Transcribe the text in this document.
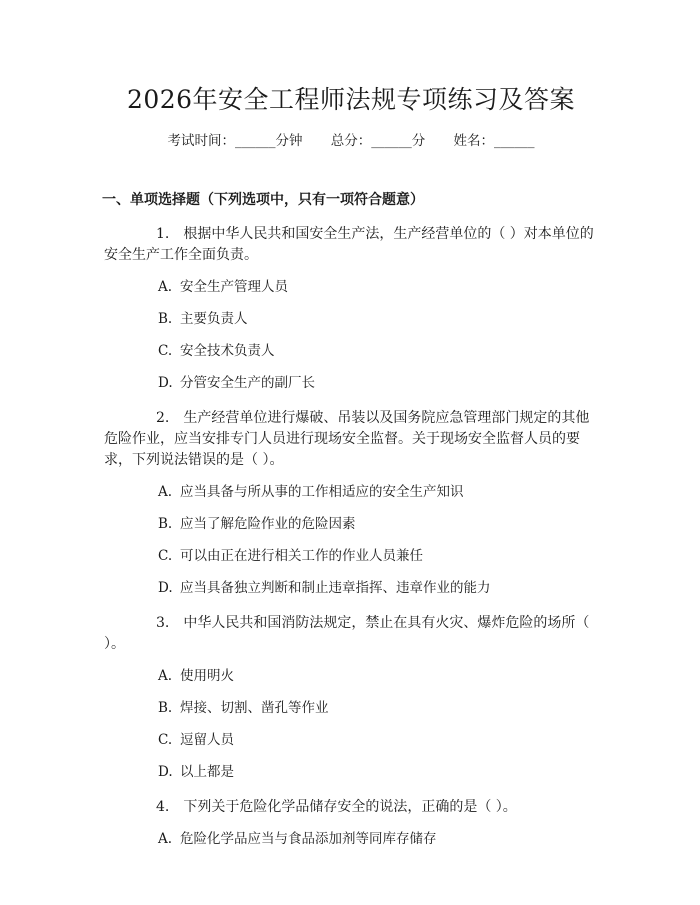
2026年安全工程师法规专项练习及答案
考试时间：______分钟 总分：______分 姓名：______
一、单项选择题（下列选项中，只有一项符合题意）
1. 根据中华人民共和国安全生产法，生产经营单位的（ ）对本单位的安全生产工作全面负责。
A. 安全生产管理人员
B. 主要负责人
C. 安全技术负责人
D. 分管安全生产的副厂长
2. 生产经营单位进行爆破、吊装以及国务院应急管理部门规定的其他危险作业，应当安排专门人员进行现场安全监督。关于现场安全监督人员的要求，下列说法错误的是（ ）。
A. 应当具备与所从事的工作相适应的安全生产知识
B. 应当了解危险作业的危险因素
C. 可以由正在进行相关工作的作业人员兼任
D. 应当具备独立判断和制止违章指挥、违章作业的能力
3. 中华人民共和国消防法规定，禁止在具有火灾、爆炸危险的场所（ ）。
A. 使用明火
B. 焊接、切割、凿孔等作业
C. 逗留人员
D. 以上都是
4. 下列关于危险化学品储存安全的说法，正确的是（ ）。
A. 危险化学品应当与食品添加剂等同库存储存
